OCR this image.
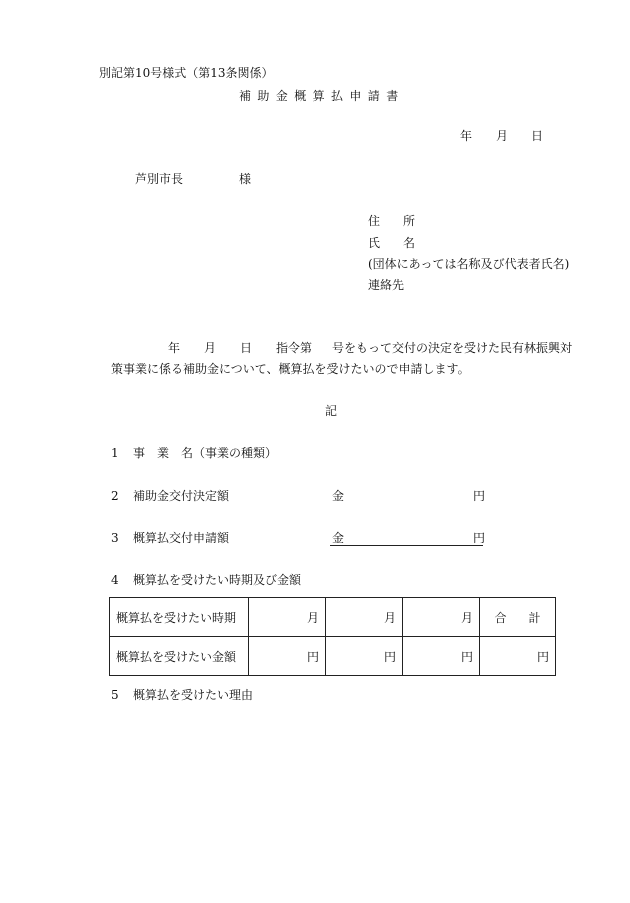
別記第10号様式（第13条関係）
補助金概算払申請書
年 月 日
芦別市長	様
住 所
氏 名
(団体にあっては名称及び代表者氏名)
連絡先
年 月 日 指令第 号をもって交付の決定を受けた民有林振興対
策事業に係る補助金について、概算払を受けたいので申請します。
記
1 事 業 名（事業の種類）
2 補助金交付決定額	金	円
3 概算払交付申請額	金	円
4 概算払を受けたい時期及び金額
概算払を受けたい時期	月	月	月	合 計
概算払を受けたい金額	円	円	円	円
5 概算払を受けたい理由
